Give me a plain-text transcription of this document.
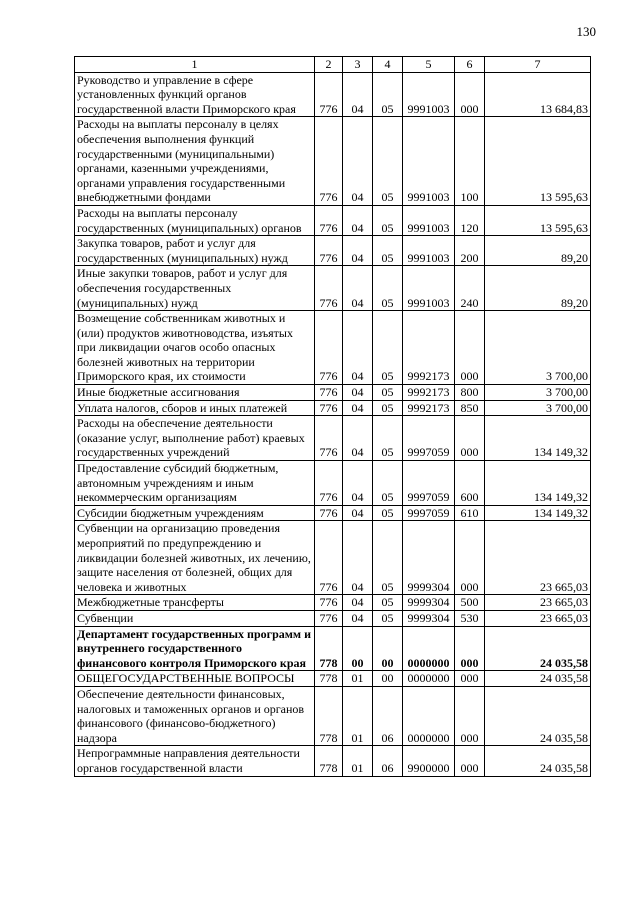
130
1	2	3	4	5	6	7
Руководство и управление в сфере установленных функций органов государственной власти Приморского края	776	04	05	9991003	000	13 684,83
Расходы на выплаты персоналу в целях обеспечения выполнения функций государственными (муниципальными) органами, казенными учреждениями, органами управления государственными внебюджетными фондами	776	04	05	9991003	100	13 595,63
Расходы на выплаты персоналу государственных (муниципальных) органов	776	04	05	9991003	120	13 595,63
Закупка товаров, работ и услуг для государственных (муниципальных) нужд	776	04	05	9991003	200	89,20
Иные закупки товаров, работ и услуг для обеспечения государственных (муниципальных) нужд	776	04	05	9991003	240	89,20
Возмещение собственникам животных и (или) продуктов животноводства, изъятых при ликвидации очагов особо опасных болезней животных на территории Приморского края, их стоимости	776	04	05	9992173	000	3 700,00
Иные бюджетные ассигнования	776	04	05	9992173	800	3 700,00
Уплата налогов, сборов и иных платежей	776	04	05	9992173	850	3 700,00
Расходы на обеспечение деятельности (оказание услуг, выполнение работ) краевых государственных учреждений	776	04	05	9997059	000	134 149,32
Предоставление субсидий бюджетным, автономным учреждениям и иным некоммерческим организациям	776	04	05	9997059	600	134 149,32
Субсидии бюджетным учреждениям	776	04	05	9997059	610	134 149,32
Субвенции на организацию проведения мероприятий по предупреждению и ликвидации болезней животных, их лечению, защите населения от болезней, общих для человека и животных	776	04	05	9999304	000	23 665,03
Межбюджетные трансферты	776	04	05	9999304	500	23 665,03
Субвенции	776	04	05	9999304	530	23 665,03
Департамент государственных программ и внутреннего государственного финансового контроля Приморского края	778	00	00	0000000	000	24 035,58
ОБЩЕГОСУДАРСТВЕННЫЕ ВОПРОСЫ	778	01	00	0000000	000	24 035,58
Обеспечение деятельности финансовых, налоговых и таможенных органов и органов финансового (финансово-бюджетного) надзора	778	01	06	0000000	000	24 035,58
Непрограммные направления деятельности органов государственной власти	778	01	06	9900000	000	24 035,58
